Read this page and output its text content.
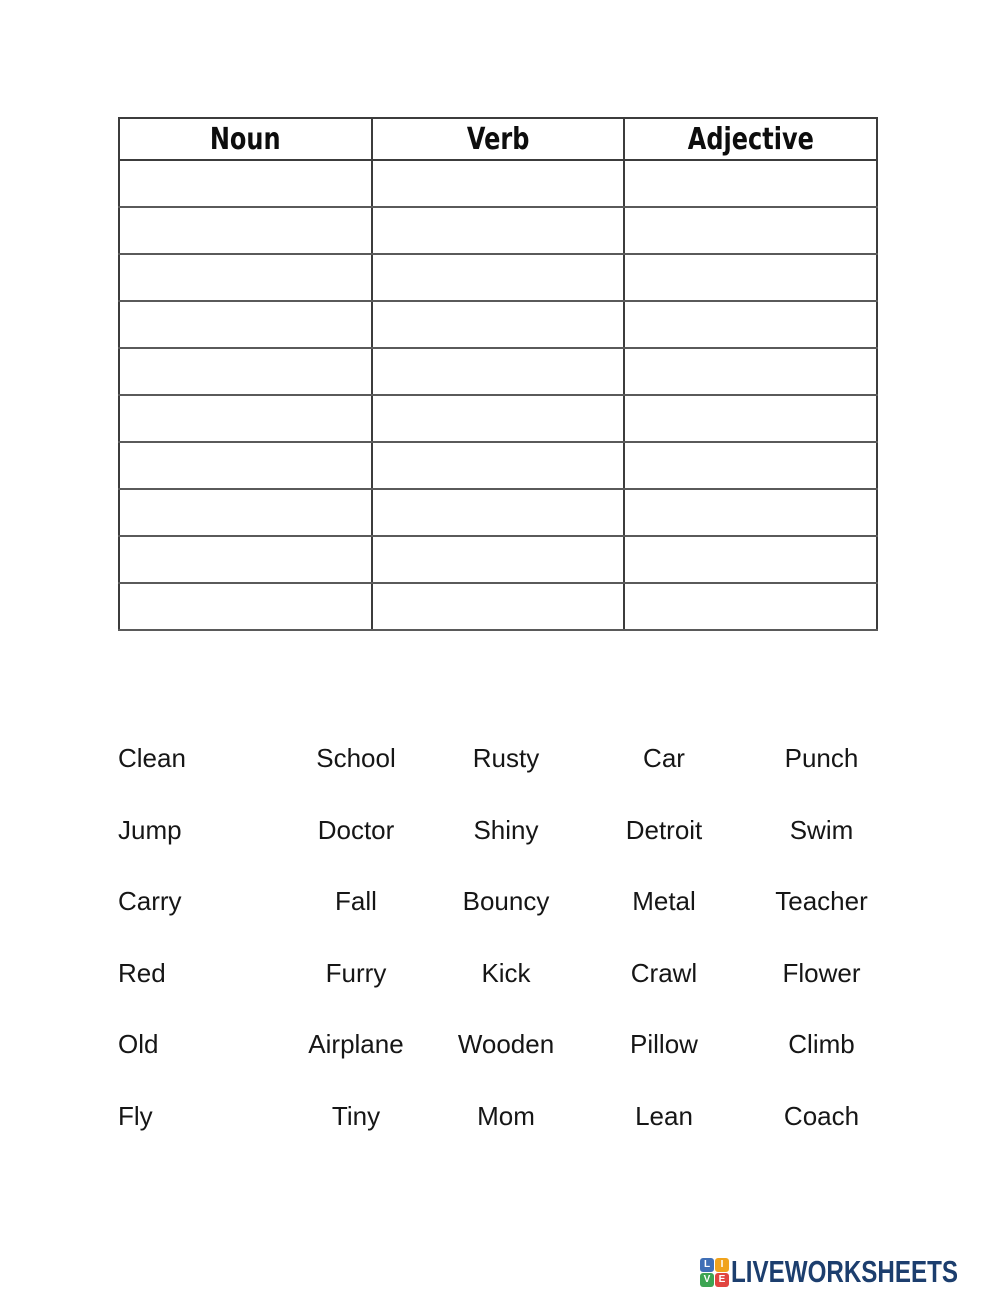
Noun	Verb	Adjective

Clean	School	Rusty	Car	Punch
Jump	Doctor	Shiny	Detroit	Swim
Carry	Fall	Bouncy	Metal	Teacher
Red	Furry	Kick	Crawl	Flower
Old	Airplane	Wooden	Pillow	Climb
Fly	Tiny	Mom	Lean	Coach
L	I
V E LIVEWORKSHEETS
